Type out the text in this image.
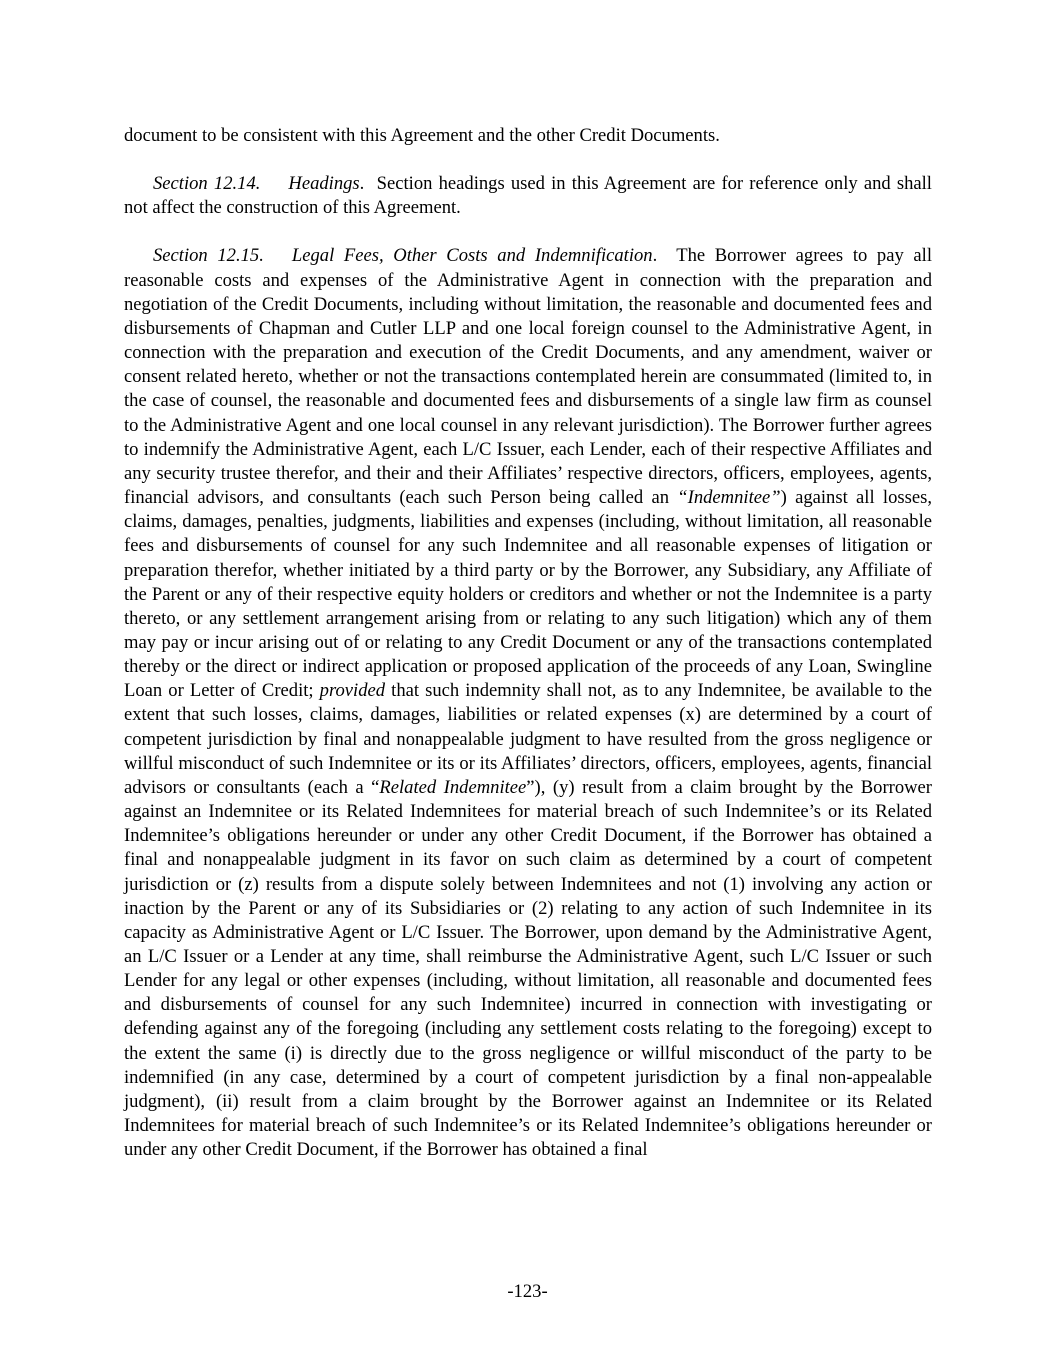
document to be consistent with this Agreement and the other Credit Documents.

Section 12.14. Headings.  Section headings used in this Agreement are for reference only and shall not affect the construction of this Agreement.

Section 12.15. Legal Fees, Other Costs and Indemnification.  The Borrower agrees to pay all reasonable costs and expenses of the Administrative Agent in connection with the preparation and negotiation of the Credit Documents, including without limitation, the reasonable and documented fees and disbursements of Chapman and Cutler LLP and one local foreign counsel to the Administrative Agent, in connection with the preparation and execution of the Credit Documents, and any amendment, waiver or consent related hereto, whether or not the transactions contemplated herein are consummated (limited to, in the case of counsel, the reasonable and documented fees and disbursements of a single law firm as counsel to the Administrative Agent and one local counsel in any relevant jurisdiction). The Borrower further agrees to indemnify the Administrative Agent, each L/C Issuer, each Lender, each of their respective Affiliates and any security trustee therefor, and their and their Affiliates’ respective directors, officers, employees, agents, financial advisors, and consultants (each such Person being called an “Indemnitee”) against all losses, claims, damages, penalties, judgments, liabilities and expenses (including, without limitation, all reasonable fees and disbursements of counsel for any such Indemnitee and all reasonable expenses of litigation or preparation therefor, whether initiated by a third party or by the Borrower, any Subsidiary, any Affiliate of the Parent or any of their respective equity holders or creditors and whether or not the Indemnitee is a party thereto, or any settlement arrangement arising from or relating to any such litigation) which any of them may pay or incur arising out of or relating to any Credit Document or any of the transactions contemplated thereby or the direct or indirect application or proposed application of the proceeds of any Loan, Swingline Loan or Letter of Credit; provided that such indemnity shall not, as to any Indemnitee, be available to the extent that such losses, claims, damages, liabilities or related expenses (x) are determined by a court of competent jurisdiction by final and nonappealable judgment to have resulted from the gross negligence or willful misconduct of such Indemnitee or its or its Affiliates’ directors, officers, employees, agents, financial advisors or consultants (each a “Related Indemnitee”), (y) result from a claim brought by the Borrower against an Indemnitee or its Related Indemnitees for material breach of such Indemnitee’s or its Related Indemnitee’s obligations hereunder or under any other Credit Document, if the Borrower has obtained a final and nonappealable judgment in its favor on such claim as determined by a court of competent jurisdiction or (z) results from a dispute solely between Indemnitees and not (1) involving any action or inaction by the Parent or any of its Subsidiaries or (2) relating to any action of such Indemnitee in its capacity as Administrative Agent or L/C Issuer. The Borrower, upon demand by the Administrative Agent, an L/C Issuer or a Lender at any time, shall reimburse the Administrative Agent, such L/C Issuer or such Lender for any legal or other expenses (including, without limitation, all reasonable and documented fees and disbursements of counsel for any such Indemnitee) incurred in connection with investigating or defending against any of the foregoing (including any settlement costs relating to the foregoing) except to the extent the same (i) is directly due to the gross negligence or willful misconduct of the party to be indemnified (in any case, determined by a court of competent jurisdiction by a final non-appealable judgment), (ii) result from a claim brought by the Borrower against an Indemnitee or its Related Indemnitees for material breach of such Indemnitee’s or its Related Indemnitee’s obligations hereunder or under any other Credit Document, if the Borrower has obtained a final

-123-
